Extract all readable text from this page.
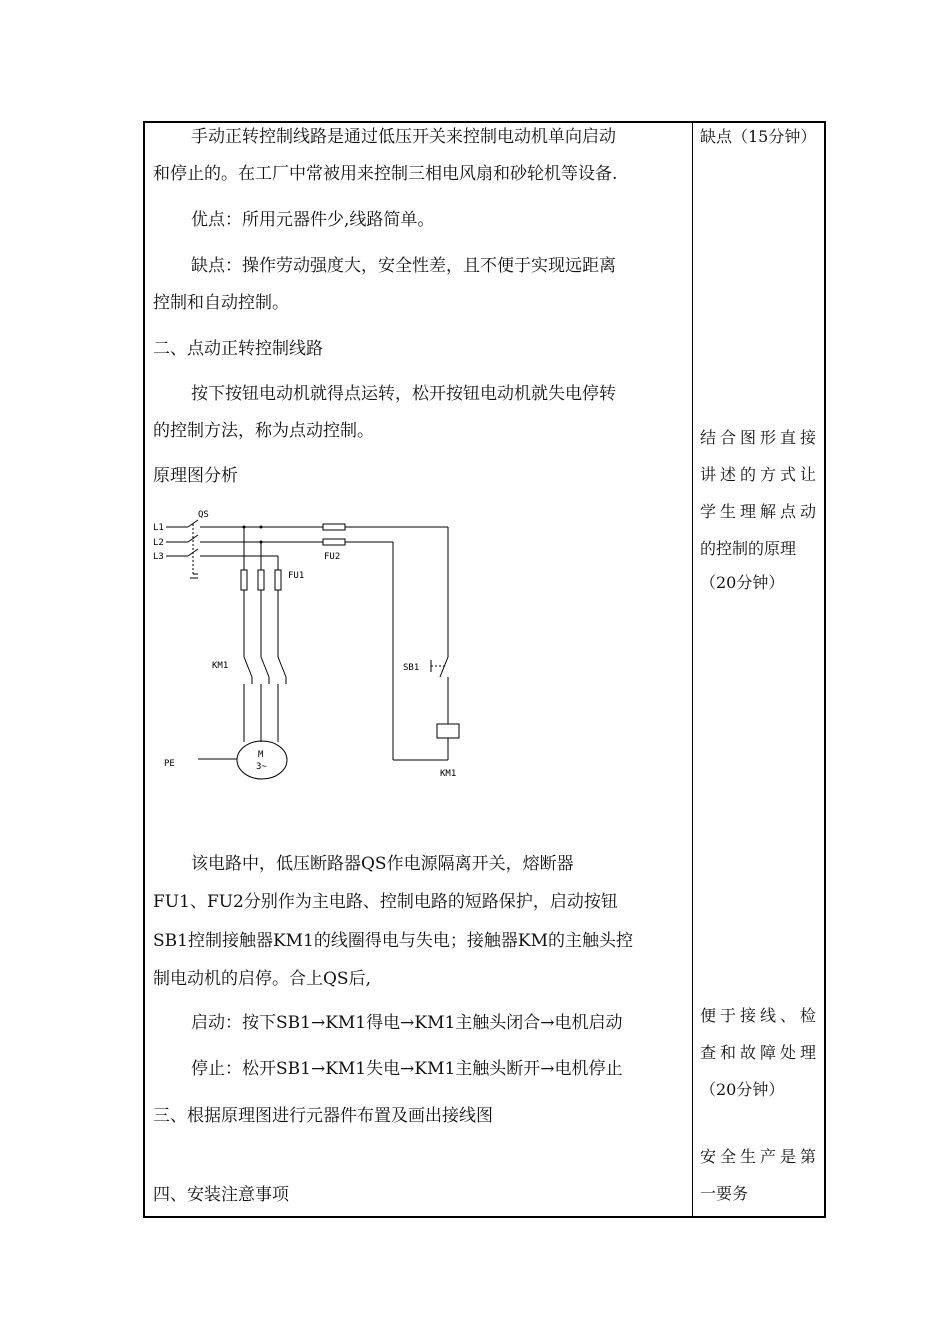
手动正转控制线路是通过低压开关来控制电动机单向启动
和停止的。在工厂中常被用来控制三相电风扇和砂轮机等设备.
优点：所用元器件少,线路简单。
缺点：操作劳动强度大，安全性差，且不便于实现远距离
控制和自动控制。
二、点动正转控制线路
按下按钮电动机就得点运转，松开按钮电动机就失电停转
的控制方法，称为点动控制。
原理图分析
QS
L1
L2
L3
FU1
FU2
KM1	SB1
PE
M
3~
KM1
该电路中，低压断路器QS作电源隔离开关，熔断器
FU1、FU2分别作为主电路、控制电路的短路保护，启动按钮
SB1控制接触器KM1的线圈得电与失电；接触器KM的主触头控
制电动机的启停。合上QS后,
启动：按下SB1→KM1得电→KM1主触头闭合→电机启动
停止：松开SB1→KM1失电→KM1主触头断开→电机停止
三、根据原理图进行元器件布置及画出接线图
四、安装注意事项
缺点（15分钟）
结合图形直接
讲述的方式让
学生理解点动
的控制的原理
（20分钟）
便于接线、检
查和故障处理
（20分钟）
安全生产是第
一要务
